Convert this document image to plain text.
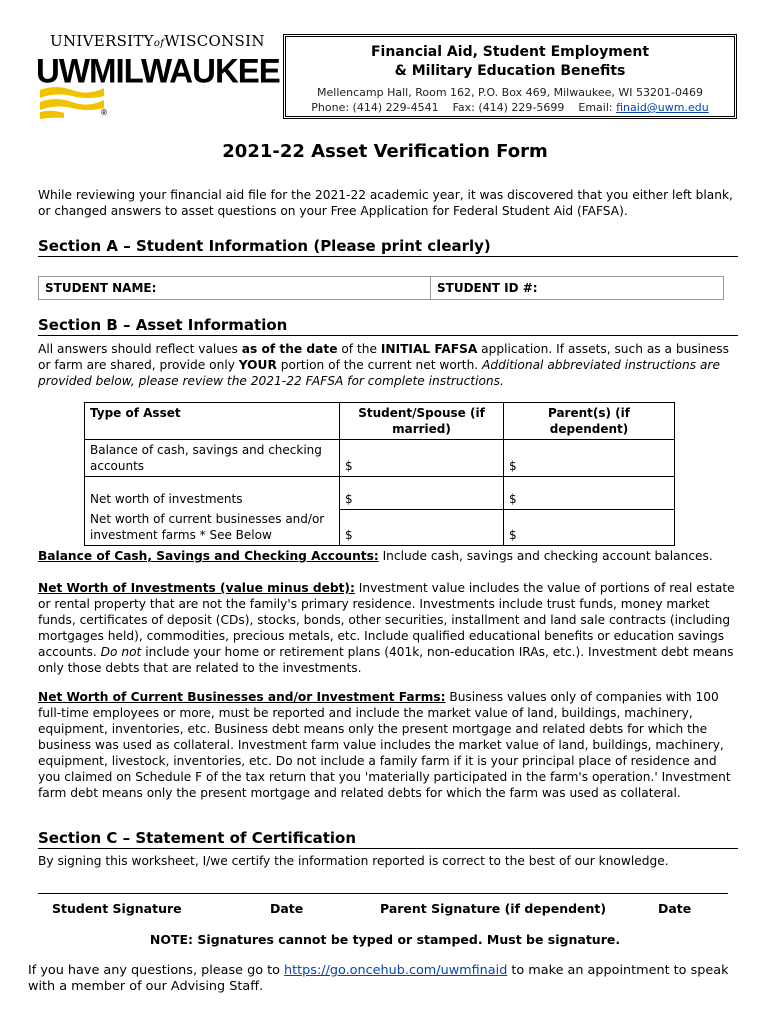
UNIVERSITYofWISCONSIN
UWMILWAUKEE
®
Financial Aid, Student Employment
& Military Education Benefits
Mellencamp Hall, Room 162, P.O. Box 469, Milwaukee, WI 53201-0469
Phone: (414) 229-4541 Fax: (414) 229-5699 Email: finaid@uwm.edu
2021-22 Asset Verification Form
While reviewing your financial aid file for the 2021-22 academic year, it was discovered that you either left blank, or changed answers to asset questions on your Free Application for Federal Student Aid (FAFSA).
Section A – Student Information (Please print clearly)
STUDENT NAME:	STUDENT ID #:
Section B – Asset Information
All answers should reflect values as of the date of the INITIAL FAFSA application. If assets, such as a business or farm are shared, provide only YOUR portion of the current net worth. Additional abbreviated instructions are provided below, please review the 2021-22 FAFSA for complete instructions.
Type of Asset	Student/Spouse (if married)	Parent(s) (if dependent)
Balance of cash, savings and checking accounts	$	$
Net worth of investments	$	$
Net worth of current businesses and/or investment farms * See Below	$	$
Balance of Cash, Savings and Checking Accounts: Include cash, savings and checking account balances.
Net Worth of Investments (value minus debt): Investment value includes the value of portions of real estate or rental property that are not the family's primary residence. Investments include trust funds, money market funds, certificates of deposit (CDs), stocks, bonds, other securities, installment and land sale contracts (including mortgages held), commodities, precious metals, etc. Include qualified educational benefits or education savings accounts. Do not include your home or retirement plans (401k, non-education IRAs, etc.). Investment debt means only those debts that are related to the investments.
Net Worth of Current Businesses and/or Investment Farms: Business values only of companies with 100 full-time employees or more, must be reported and include the market value of land, buildings, machinery, equipment, inventories, etc. Business debt means only the present mortgage and related debts for which the business was used as collateral. Investment farm value includes the market value of land, buildings, machinery, equipment, livestock, inventories, etc. Do not include a family farm if it is your principal place of residence and you claimed on Schedule F of the tax return that you 'materially participated in the farm's operation.' Investment farm debt means only the present mortgage and related debts for which the farm was used as collateral.
Section C – Statement of Certification
By signing this worksheet, I/we certify the information reported is correct to the best of our knowledge.
Student Signature	Date	Parent Signature (if dependent)	Date
NOTE: Signatures cannot be typed or stamped. Must be signature.
If you have any questions, please go to https://go.oncehub.com/uwmfinaid to make an appointment to speak with a member of our Advising Staff.
